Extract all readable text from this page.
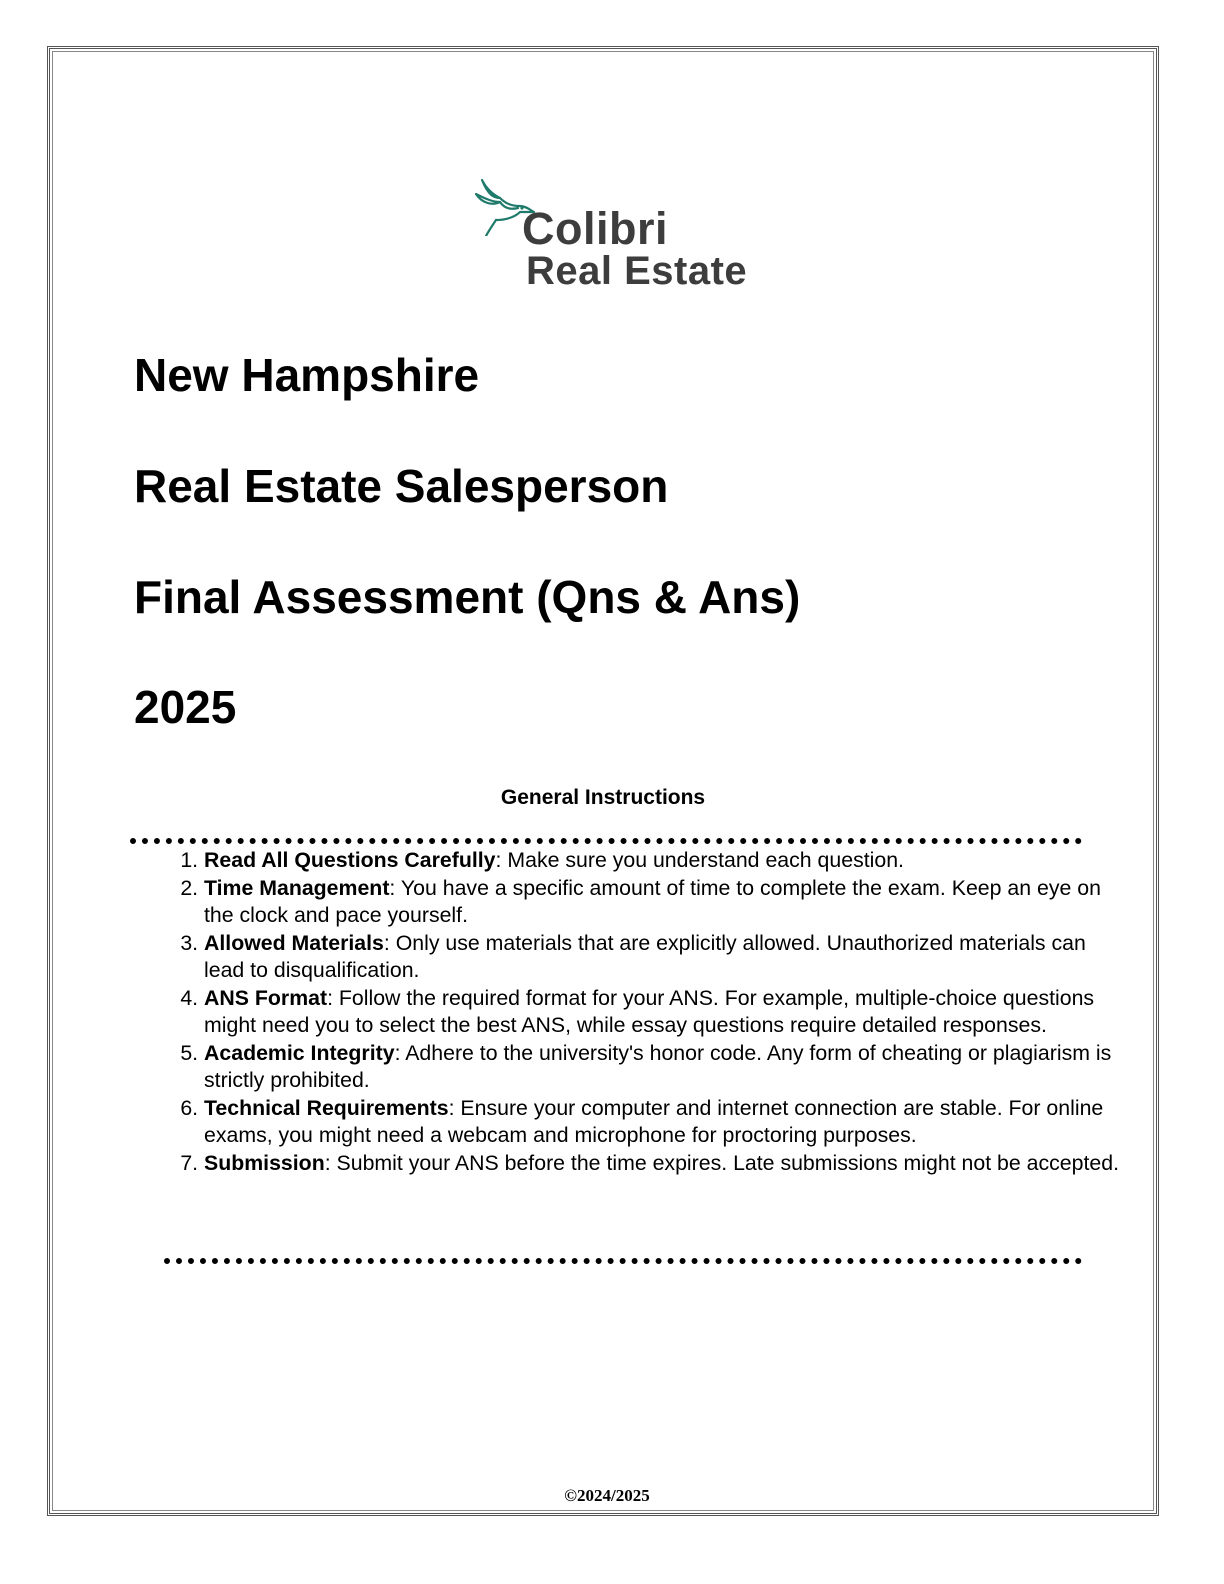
Colibri
Real Estate
New Hampshire
Real Estate Salesperson
Final Assessment (Qns & Ans)
2025
General Instructions
1. Read All Questions Carefully: Make sure you understand each question.
2. Time Management: You have a specific amount of time to complete the exam. Keep an eye on the clock and pace yourself.
3. Allowed Materials: Only use materials that are explicitly allowed. Unauthorized materials can lead to disqualification.
4. ANS Format: Follow the required format for your ANS. For example, multiple-choice questions might need you to select the best ANS, while essay questions require detailed responses.
5. Academic Integrity: Adhere to the university's honor code. Any form of cheating or plagiarism is strictly prohibited.
6. Technical Requirements: Ensure your computer and internet connection are stable. For online exams, you might need a webcam and microphone for proctoring purposes.
7. Submission: Submit your ANS before the time expires. Late submissions might not be accepted.
©2024/2025
